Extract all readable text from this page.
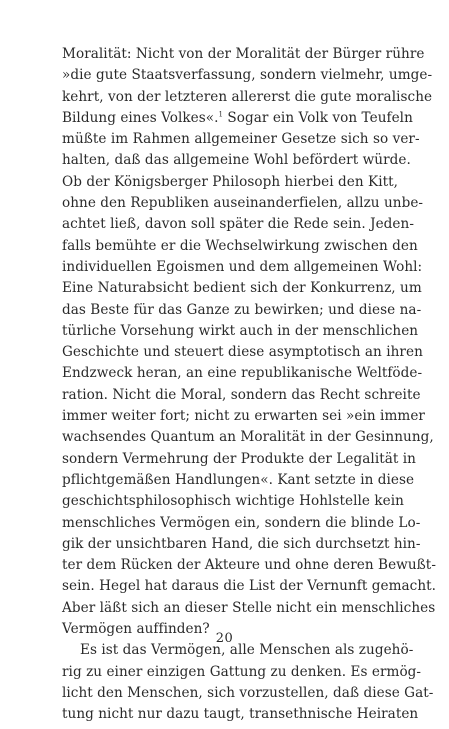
Moralität: Nicht von der Moralität der Bürger rühre
»die gute Staatsverfassung, sondern vielmehr, umge-
kehrt, von der letzteren allererst die gute moralische
Bildung eines Volkes«.$^1$ Sogar ein Volk von Teufeln
müßte im Rahmen allgemeiner Gesetze sich so ver-
halten, daß das allgemeine Wohl befördert würde.
Ob der Königsberger Philosoph hierbei den Kitt,
ohne den Republiken auseinanderfielen, allzu unbe-
achtet ließ, davon soll später die Rede sein. Jeden-
falls bemühte er die Wechselwirkung zwischen den
individuellen Egoismen und dem allgemeinen Wohl:
Eine Naturabsicht bedient sich der Konkurrenz, um
das Beste für das Ganze zu bewirken; und diese na-
türliche Vorsehung wirkt auch in der menschlichen
Geschichte und steuert diese asymptotisch an ihren
Endzweck heran, an eine republikanische Weltföde-
ration. Nicht die Moral, sondern das Recht schreite
immer weiter fort; nicht zu erwarten sei »ein immer
wachsendes Quantum an Moralität in der Gesinnung,
sondern Vermehrung der Produkte der Legalität in
pflichtgemäßen Handlungen«. Kant setzte in diese
geschichtsphilosophisch wichtige Hohlstelle kein
menschliches Vermögen ein, sondern die blinde Lo-
gik der unsichtbaren Hand, die sich durchsetzt hin-
ter dem Rücken der Akteure und ohne deren Bewußt-
sein. Hegel hat daraus die List der Vernunft gemacht.
Aber läßt sich an dieser Stelle nicht ein menschliches
Vermögen auffinden?
Es ist das Vermögen, alle Menschen als zugehö-
rig zu einer einzigen Gattung zu denken. Es ermög-
licht den Menschen, sich vorzustellen, daß diese Gat-
tung nicht nur dazu taugt, transethnische Heiraten
20
